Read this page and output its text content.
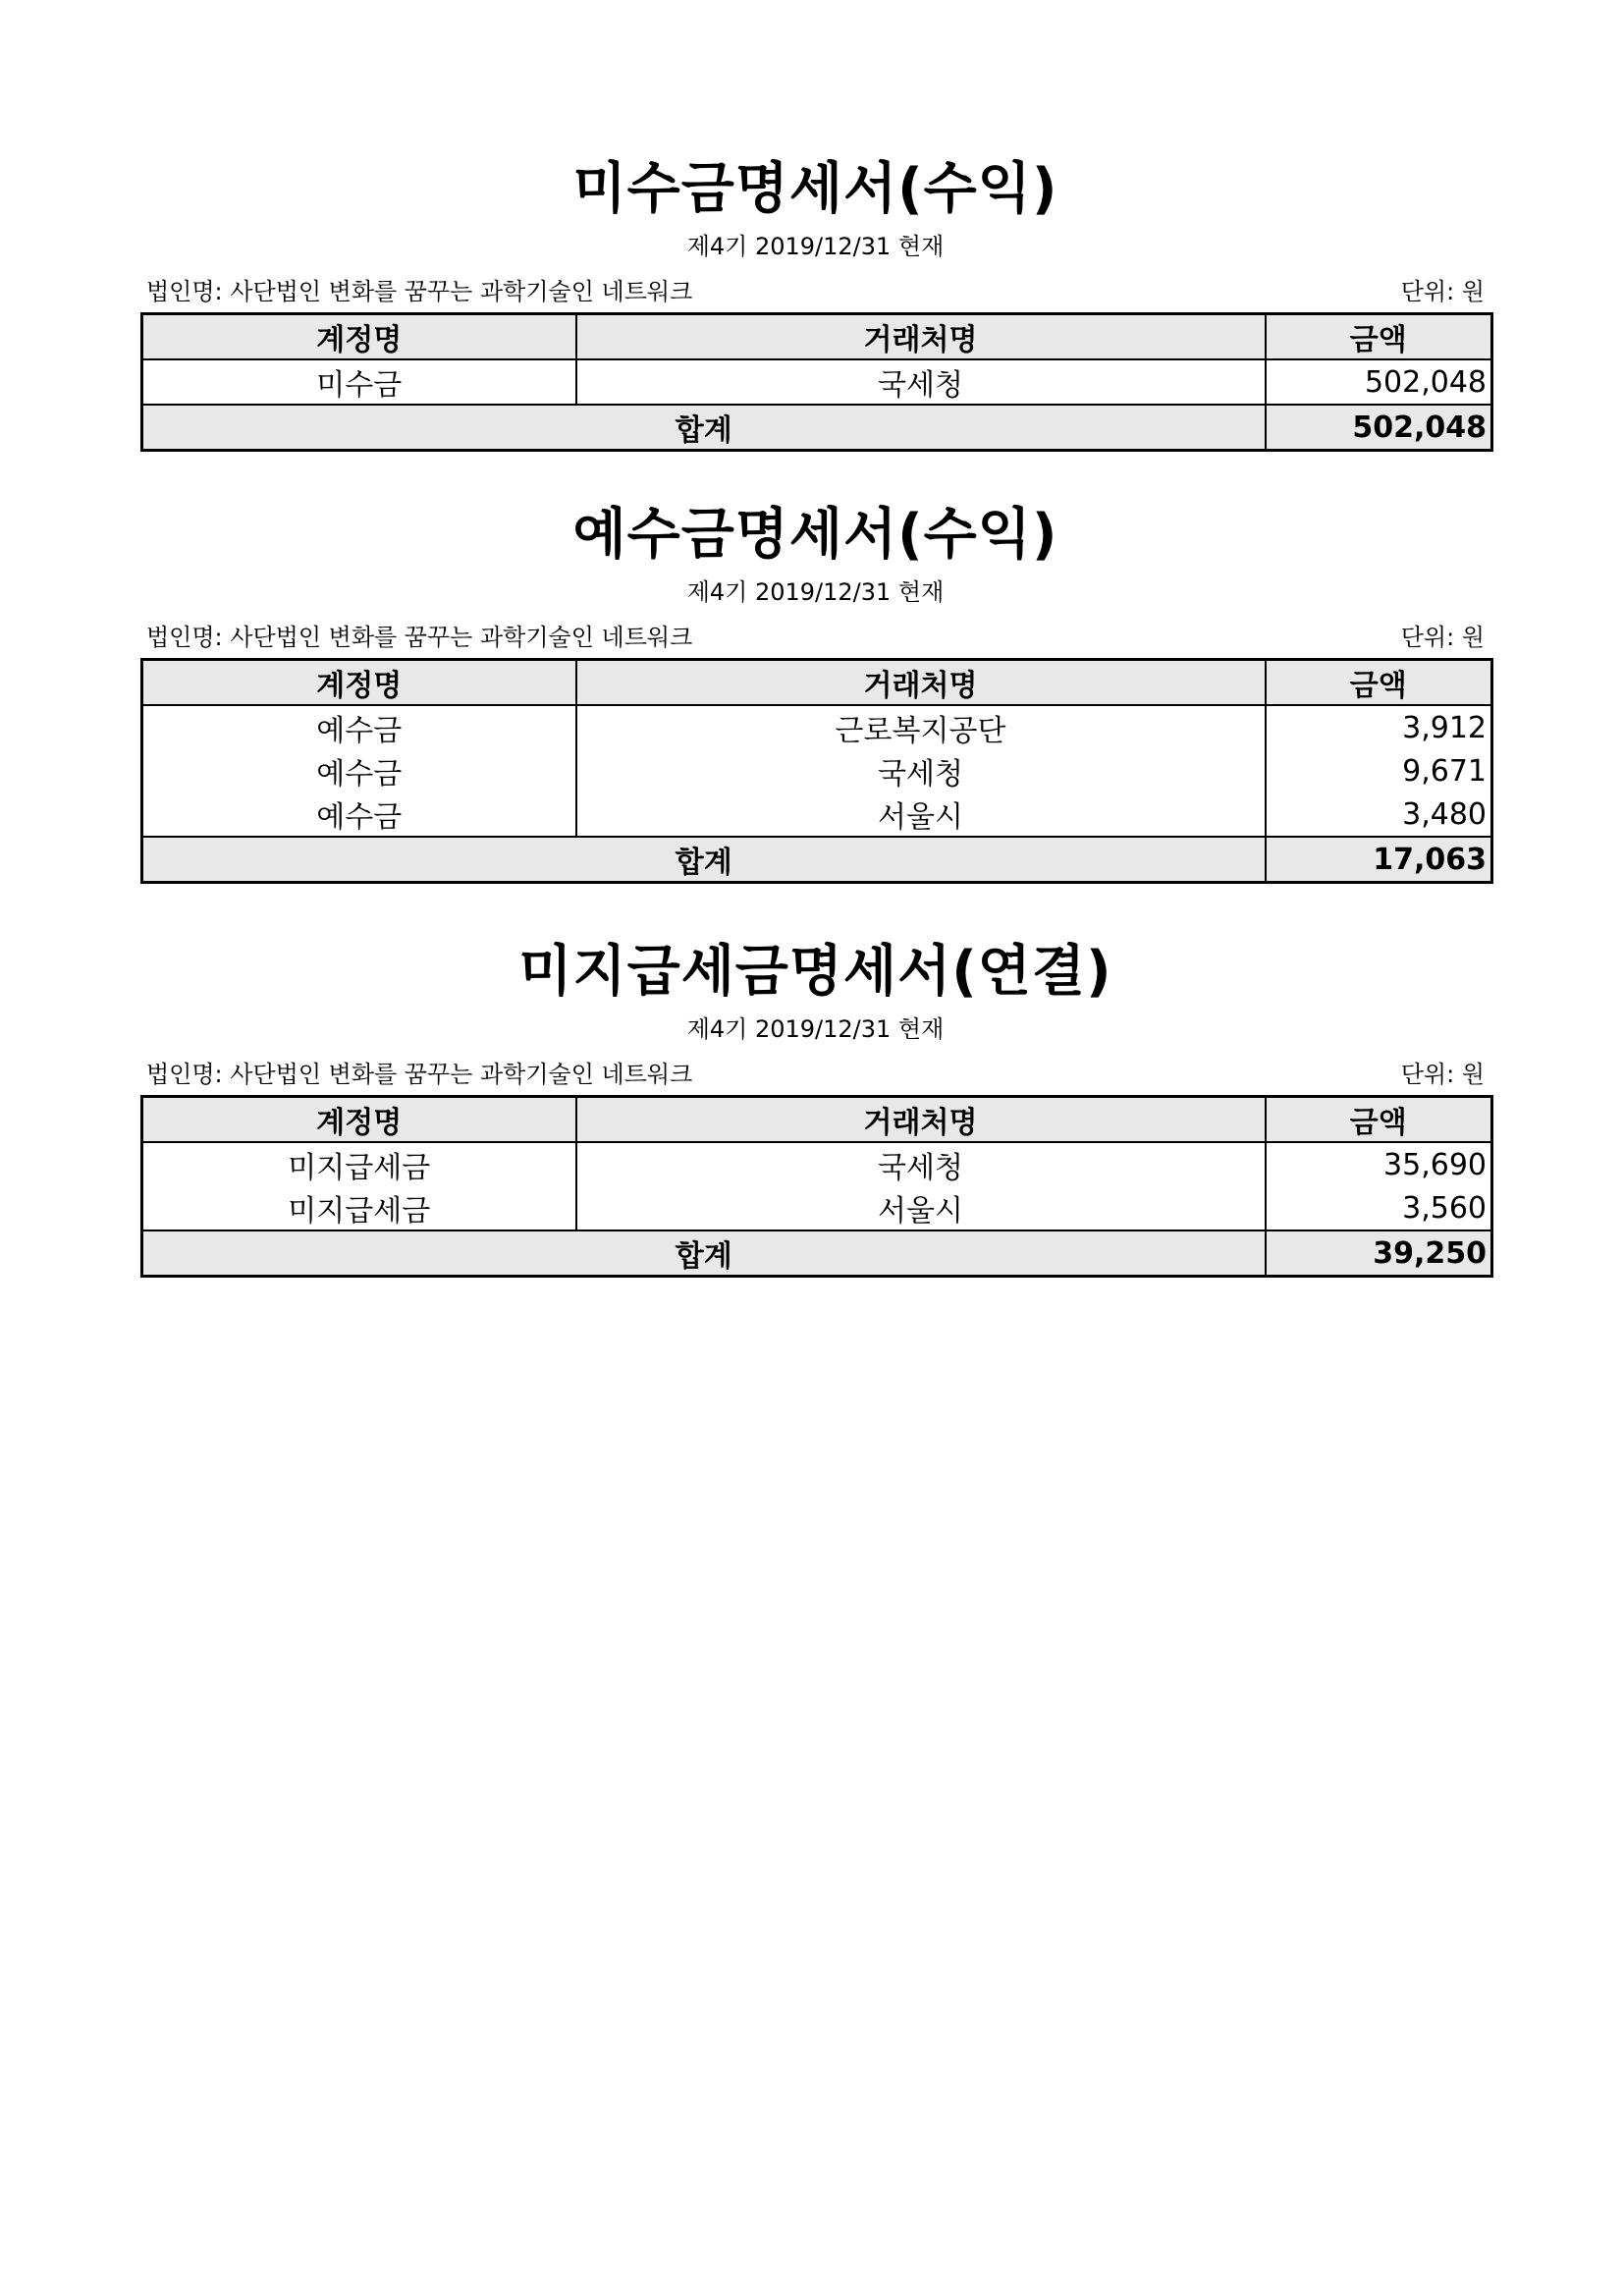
미수금명세서(수익)
제4기 2019/12/31 현재
법인명: 사단법인 변화를 꿈꾸는 과학기술인 네트워크	단위: 원
계정명	거래처명	금액
미수금	국세청	502,048
합계		502,048
예수금명세서(수익)
제4기 2019/12/31 현재
법인명: 사단법인 변화를 꿈꾸는 과학기술인 네트워크	단위: 원
계정명	거래처명	금액
예수금	근로복지공단	3,912
예수금	국세청	9,671
예수금	서울시	3,480
합계		17,063
미지급세금명세서(연결)
제4기 2019/12/31 현재
법인명: 사단법인 변화를 꿈꾸는 과학기술인 네트워크	단위: 원
계정명	거래처명	금액
미지급세금	국세청	35,690
미지급세금	서울시	3,560
합계		39,250
